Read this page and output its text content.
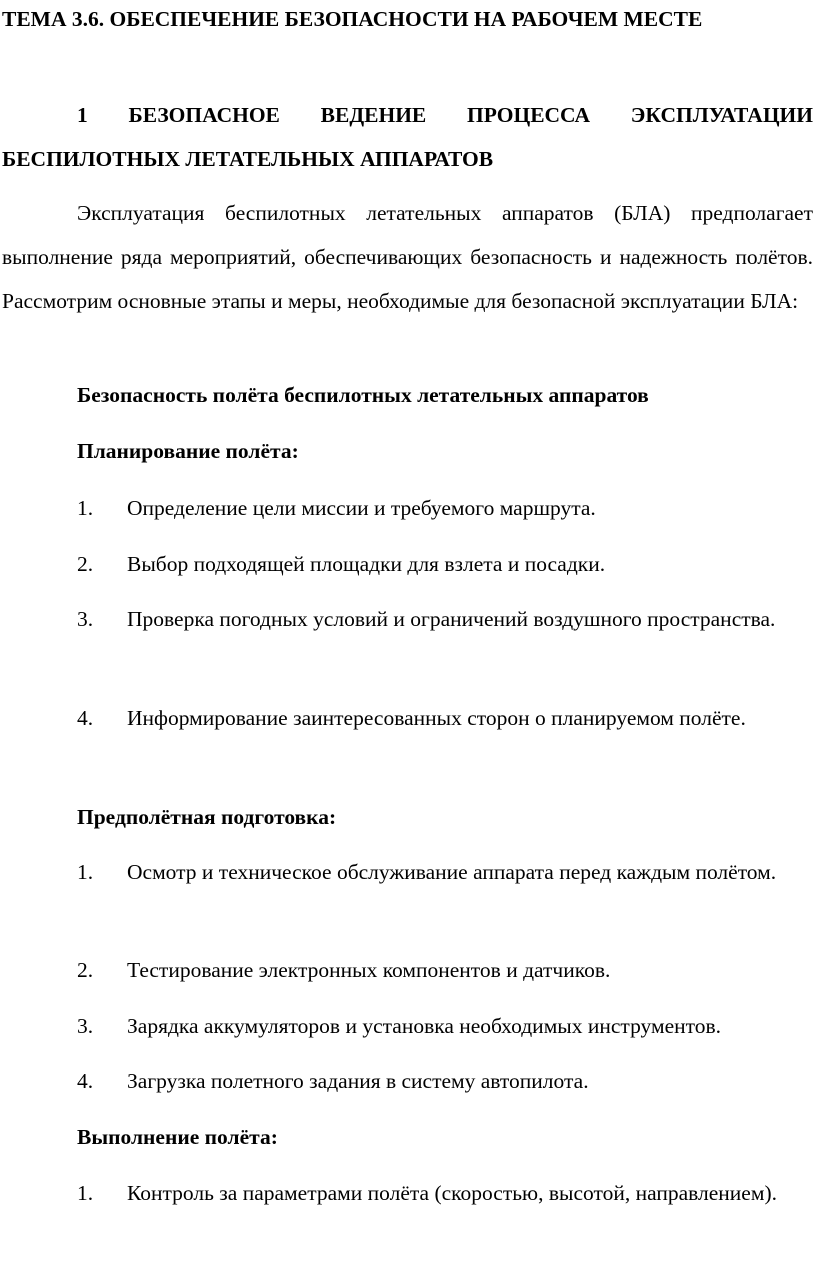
ТЕМА 3.6. ОБЕСПЕЧЕНИЕ БЕЗОПАСНОСТИ НА РАБОЧЕМ МЕСТЕ
1 БЕЗОПАСНОЕ ВЕДЕНИЕ ПРОЦЕССА ЭКСПЛУАТАЦИИ БЕСПИЛОТНЫХ ЛЕТАТЕЛЬНЫХ АППАРАТОВ
Эксплуатация беспилотных летательных аппаратов (БЛА) предполагает выполнение ряда мероприятий, обеспечивающих безопасность и надежность полётов. Рассмотрим основные этапы и меры, необходимые для безопасной эксплуатации БЛА:
Безопасность полёта беспилотных летательных аппаратов
Планирование полёта:
1. Определение цели миссии и требуемого маршрута.
2. Выбор подходящей площадки для взлета и посадки.
3. Проверка погодных условий и ограничений воздушного пространства.
4. Информирование заинтересованных сторон о планируемом полёте.
Предполётная подготовка:
1. Осмотр и техническое обслуживание аппарата перед каждым полётом.
2. Тестирование электронных компонентов и датчиков.
3. Зарядка аккумуляторов и установка необходимых инструментов.
4. Загрузка полетного задания в систему автопилота.
Выполнение полёта:
1. Контроль за параметрами полёта (скоростью, высотой, направлением).
